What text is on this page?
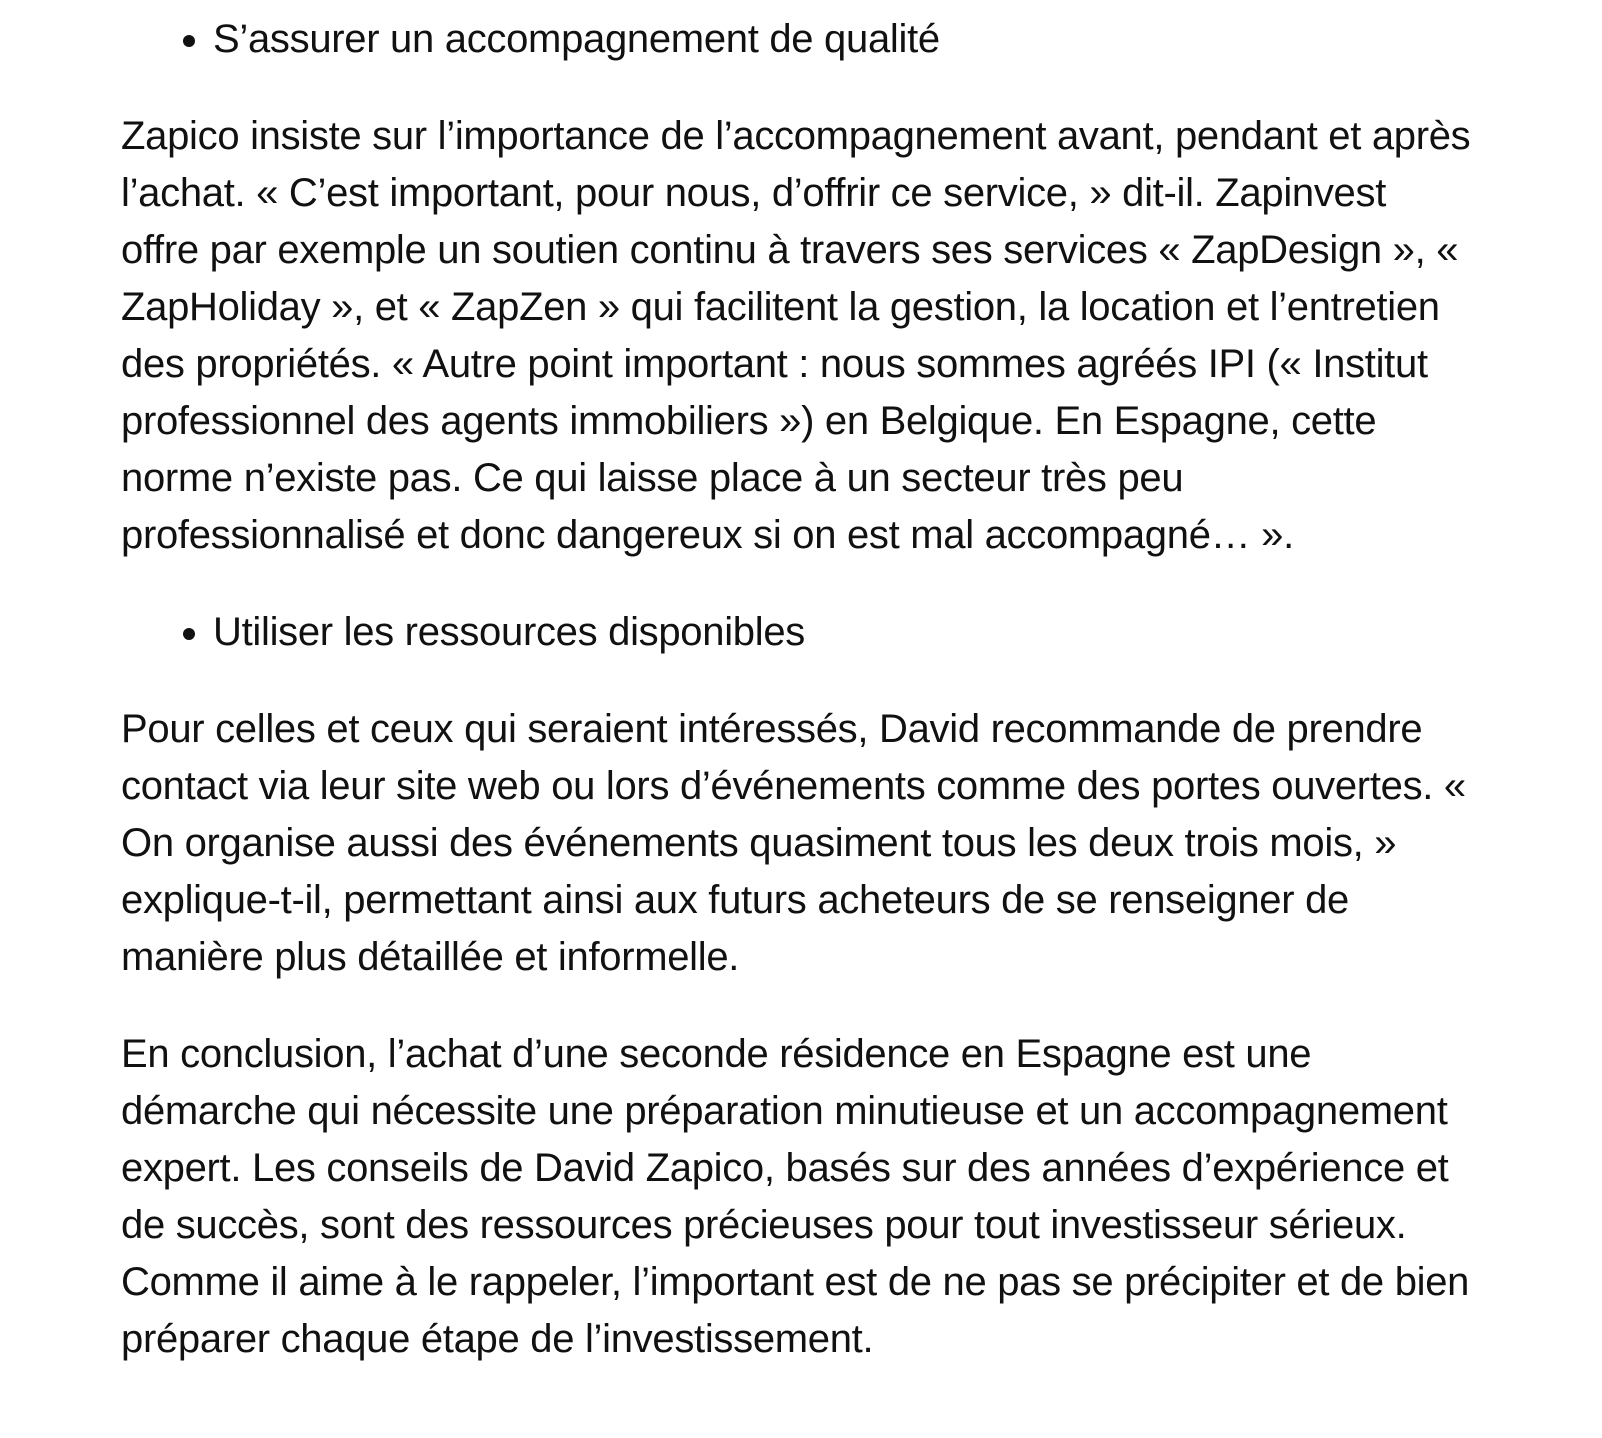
• S’assurer un accompagnement de qualité

Zapico insiste sur l’importance de l’accompagnement avant, pendant et après l’achat. « C’est important, pour nous, d’offrir ce service, » dit-il. Zapinvest offre par exemple un soutien continu à travers ses services « ZapDesign », « ZapHoliday », et « ZapZen » qui facilitent la gestion, la location et l’entretien des propriétés. « Autre point important : nous sommes agréés IPI (« Institut professionnel des agents immobiliers ») en Belgique. En Espagne, cette norme n’existe pas. Ce qui laisse place à un secteur très peu professionnalisé et donc dangereux si on est mal accompagné… ».

• Utiliser les ressources disponibles

Pour celles et ceux qui seraient intéressés, David recommande de prendre contact via leur site web ou lors d’événements comme des portes ouvertes. « On organise aussi des événements quasiment tous les deux trois mois, » explique-t-il, permettant ainsi aux futurs acheteurs de se renseigner de manière plus détaillée et informelle.

En conclusion, l’achat d’une seconde résidence en Espagne est une démarche qui nécessite une préparation minutieuse et un accompagnement expert. Les conseils de David Zapico, basés sur des années d’expérience et de succès, sont des ressources précieuses pour tout investisseur sérieux. Comme il aime à le rappeler, l’important est de ne pas se précipiter et de bien préparer chaque étape de l’investissement.
